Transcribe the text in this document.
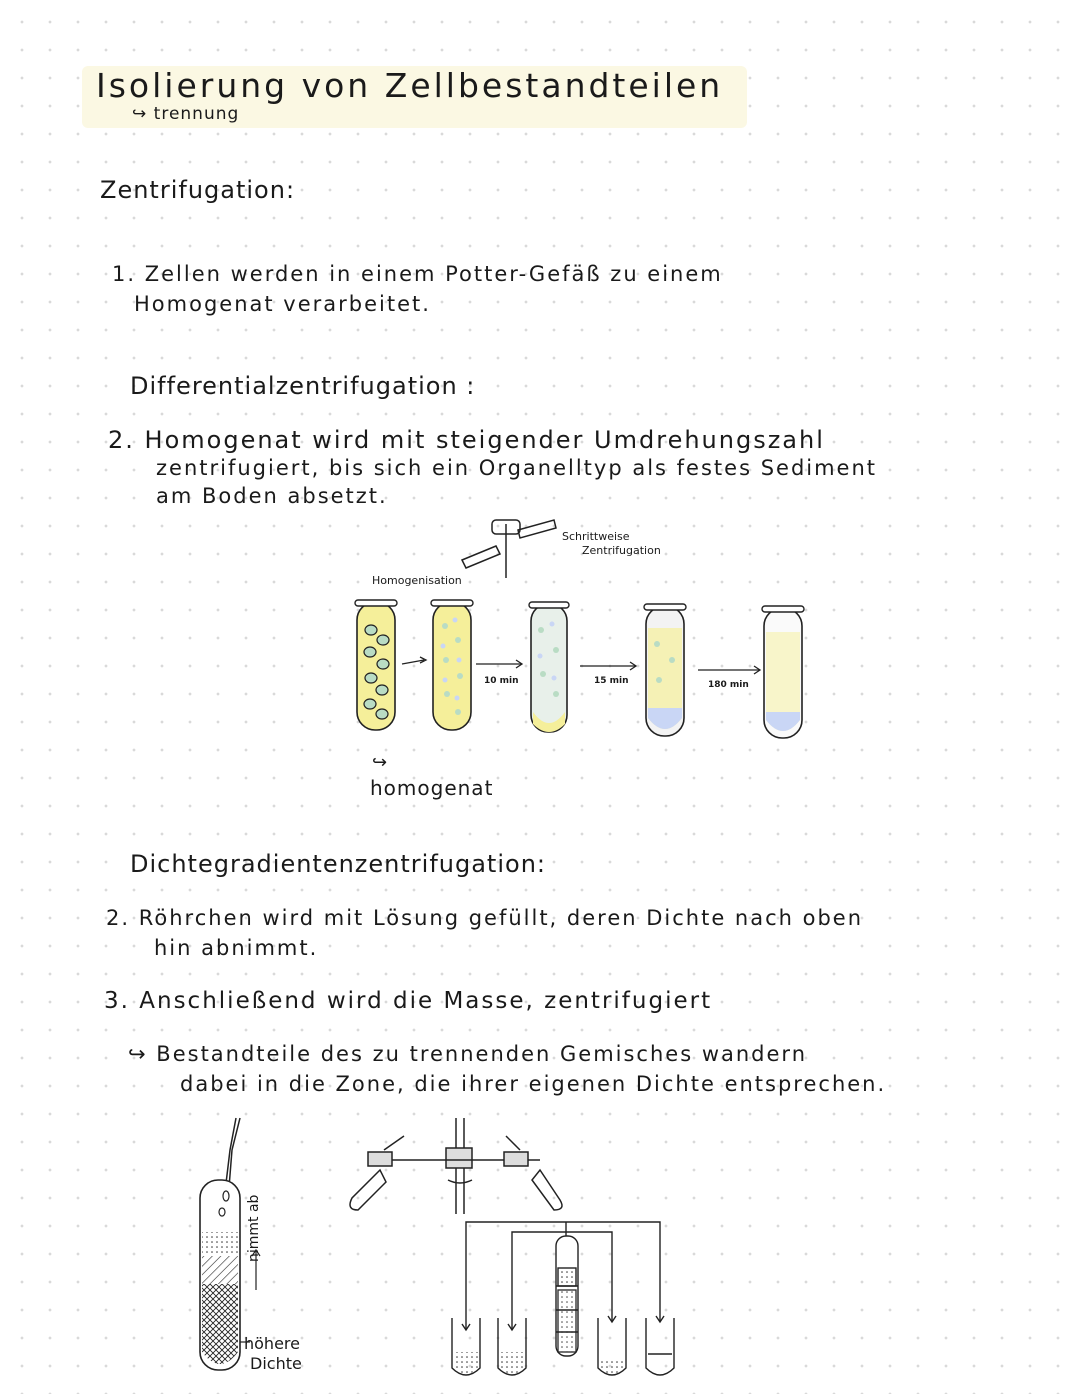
Isolierung von Zellbestandteilen
↪ trennung
Zentrifugation:
1. Zellen werden in einem Potter-Gefäß zu einem
Homogenat verarbeitet.
Differentialzentrifugation :
2. Homogenat wird mit steigender Umdrehungszahl
zentrifugiert, bis sich ein Organelltyp als festes Sediment
am Boden absetzt.
Homogenisation
Schrittweise
Zentrifugation
10 min	15 min	180 min
↪
homogenat
Dichtegradientenzentrifugation:
2. Röhrchen wird mit Lösung gefüllt, deren Dichte nach oben
hin abnimmt.
3. Anschließend wird die Masse, zentrifugiert
↪ Bestandteile des zu trennenden Gemisches wandern
dabei in die Zone, die ihrer eigenen Dichte entsprechen.
höhere
Dichte
nimmt ab
